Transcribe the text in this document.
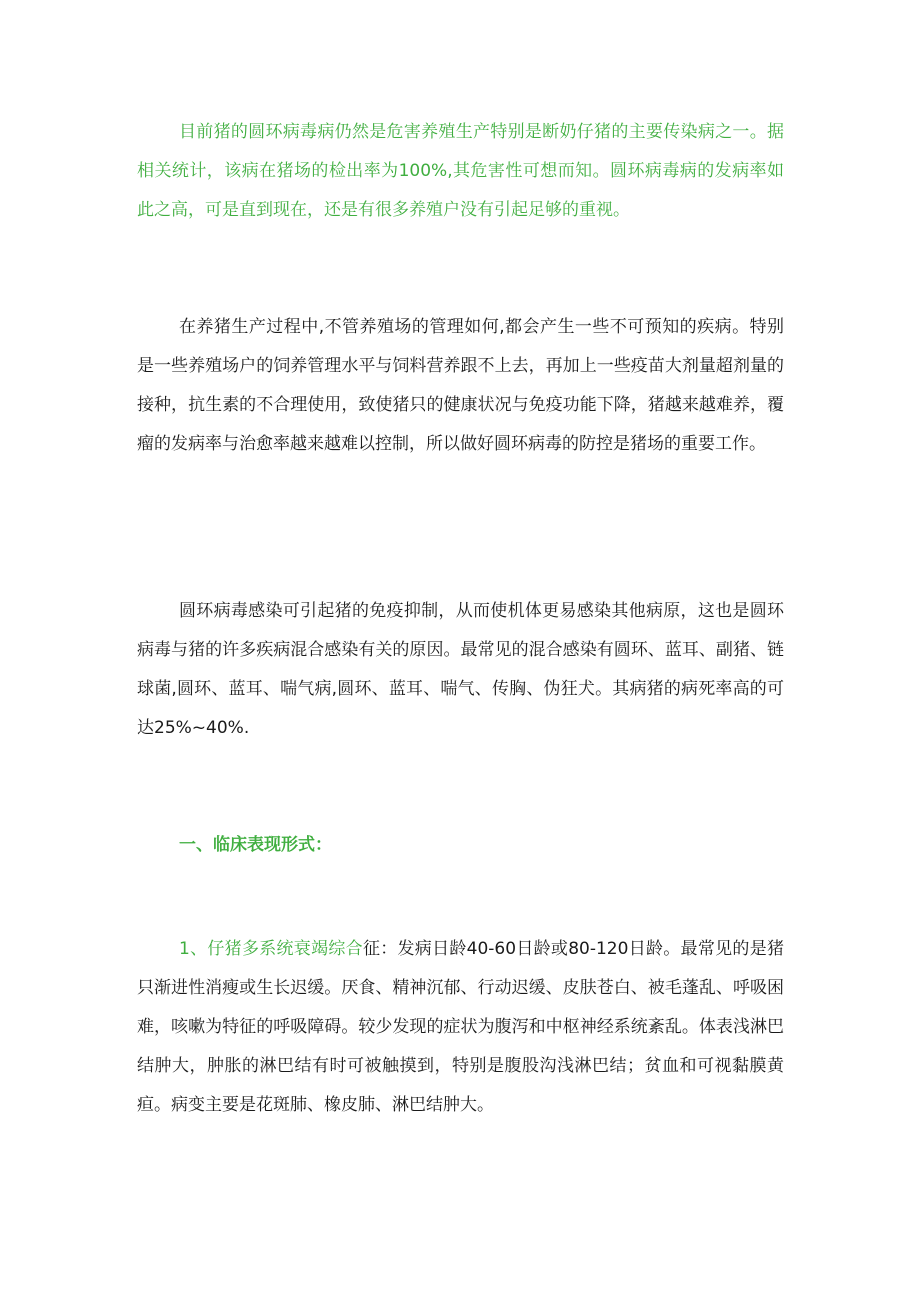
目前猪的圆环病毒病仍然是危害养殖生产特别是断奶仔猪的主要传染病之一。据相关统计，该病在猪场的检出率为100%,其危害性可想而知。圆环病毒病的发病率如此之高，可是直到现在，还是有很多养殖户没有引起足够的重视。

在养猪生产过程中,不管养殖场的管理如何,都会产生一些不可预知的疾病。特别是一些养殖场户的饲养管理水平与饲料营养跟不上去，再加上一些疫苗大剂量超剂量的接种，抗生素的不合理使用，致使猪只的健康状况与免疫功能下降，猪越来越难养，覆瘤的发病率与治愈率越来越难以控制，所以做好圆环病毒的防控是猪场的重要工作。

圆环病毒感染可引起猪的免疫抑制，从而使机体更易感染其他病原，这也是圆环病毒与猪的许多疾病混合感染有关的原因。最常见的混合感染有圆环、蓝耳、副猪、链球菌,圆环、蓝耳、喘气病,圆环、蓝耳、喘气、传胸、伪狂犬。其病猪的病死率高的可达25%~40%.

一、临床表现形式：

1、仔猪多系统衰竭综合征：发病日龄40-60日龄或80-120日龄。最常见的是猪只渐进性消瘦或生长迟缓。厌食、精神沉郁、行动迟缓、皮肤苍白、被毛蓬乱、呼吸困难，咳嗽为特征的呼吸障碍。较少发现的症状为腹泻和中枢神经系统紊乱。体表浅淋巴结肿大，肿胀的淋巴结有时可被触摸到，特别是腹股沟浅淋巴结；贫血和可视黏膜黄疸。病变主要是花斑肺、橡皮肺、淋巴结肿大。
